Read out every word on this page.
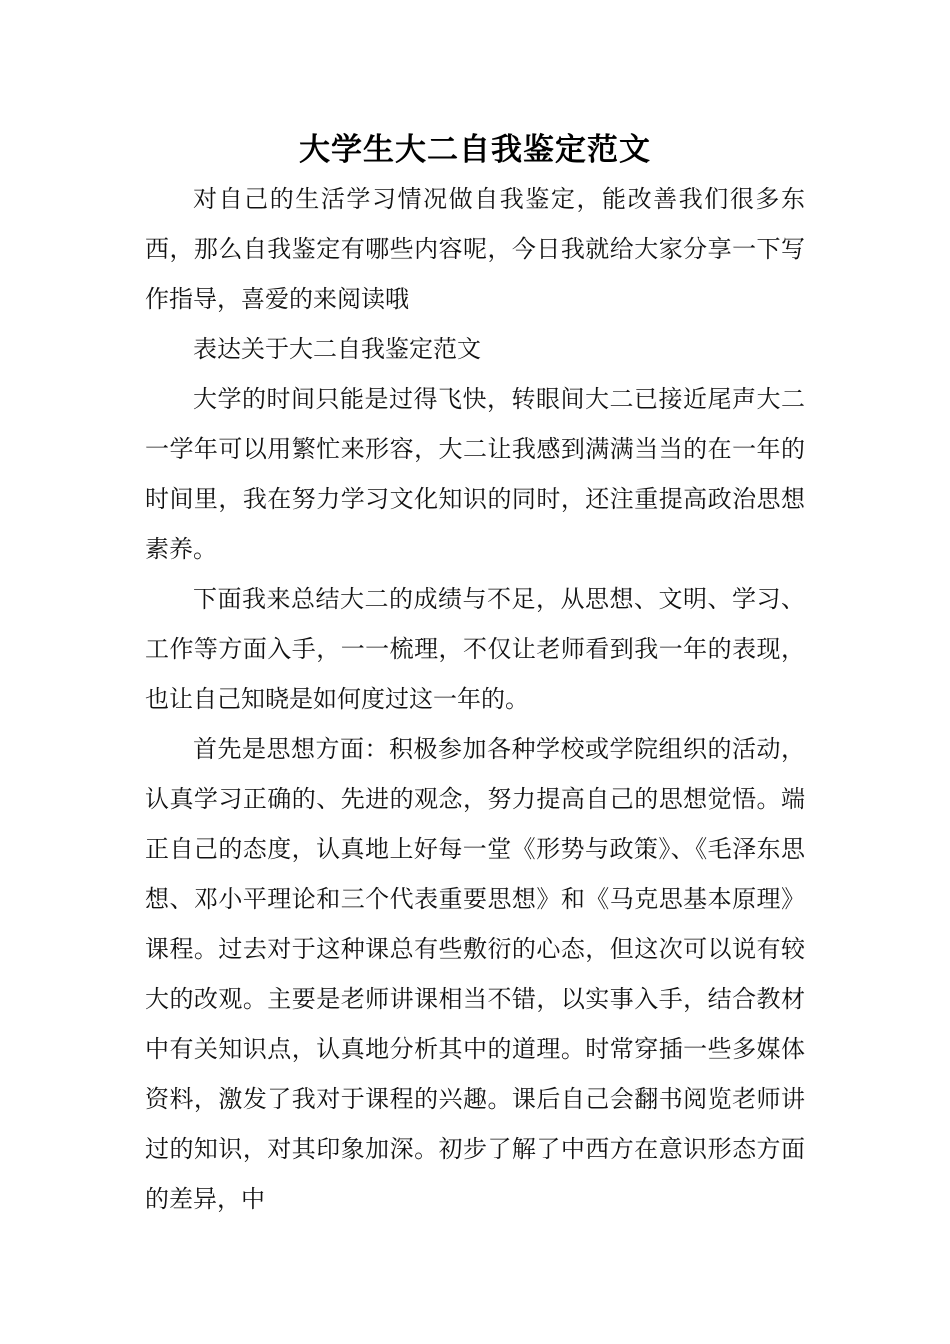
大学生大二自我鉴定范文

对自己的生活学习情况做自我鉴定，能改善我们很多东西，那么自我鉴定有哪些内容呢，今日我就给大家分享一下写作指导，喜爱的来阅读哦

表达关于大二自我鉴定范文

大学的时间只能是过得飞快，转眼间大二已接近尾声大二一学年可以用繁忙来形容，大二让我感到满满当当的在一年的时间里，我在努力学习文化知识的同时，还注重提高政治思想素养。

下面我来总结大二的成绩与不足，从思想、文明、学习、工作等方面入手，一一梳理，不仅让老师看到我一年的表现，也让自己知晓是如何度过这一年的。

首先是思想方面：积极参加各种学校或学院组织的活动，认真学习正确的、先进的观念，努力提高自己的思想觉悟。端正自己的态度，认真地上好每一堂《形势与政策》、《毛泽东思想、邓小平理论和三个代表重要思想》和《马克思基本原理》课程。过去对于这种课总有些敷衍的心态，但这次可以说有较大的改观。主要是老师讲课相当不错，以实事入手，结合教材中有关知识点，认真地分析其中的道理。时常穿插一些多媒体资料，激发了我对于课程的兴趣。课后自己会翻书阅览老师讲过的知识，对其印象加深。初步了解了中西方在意识形态方面的差异，中
